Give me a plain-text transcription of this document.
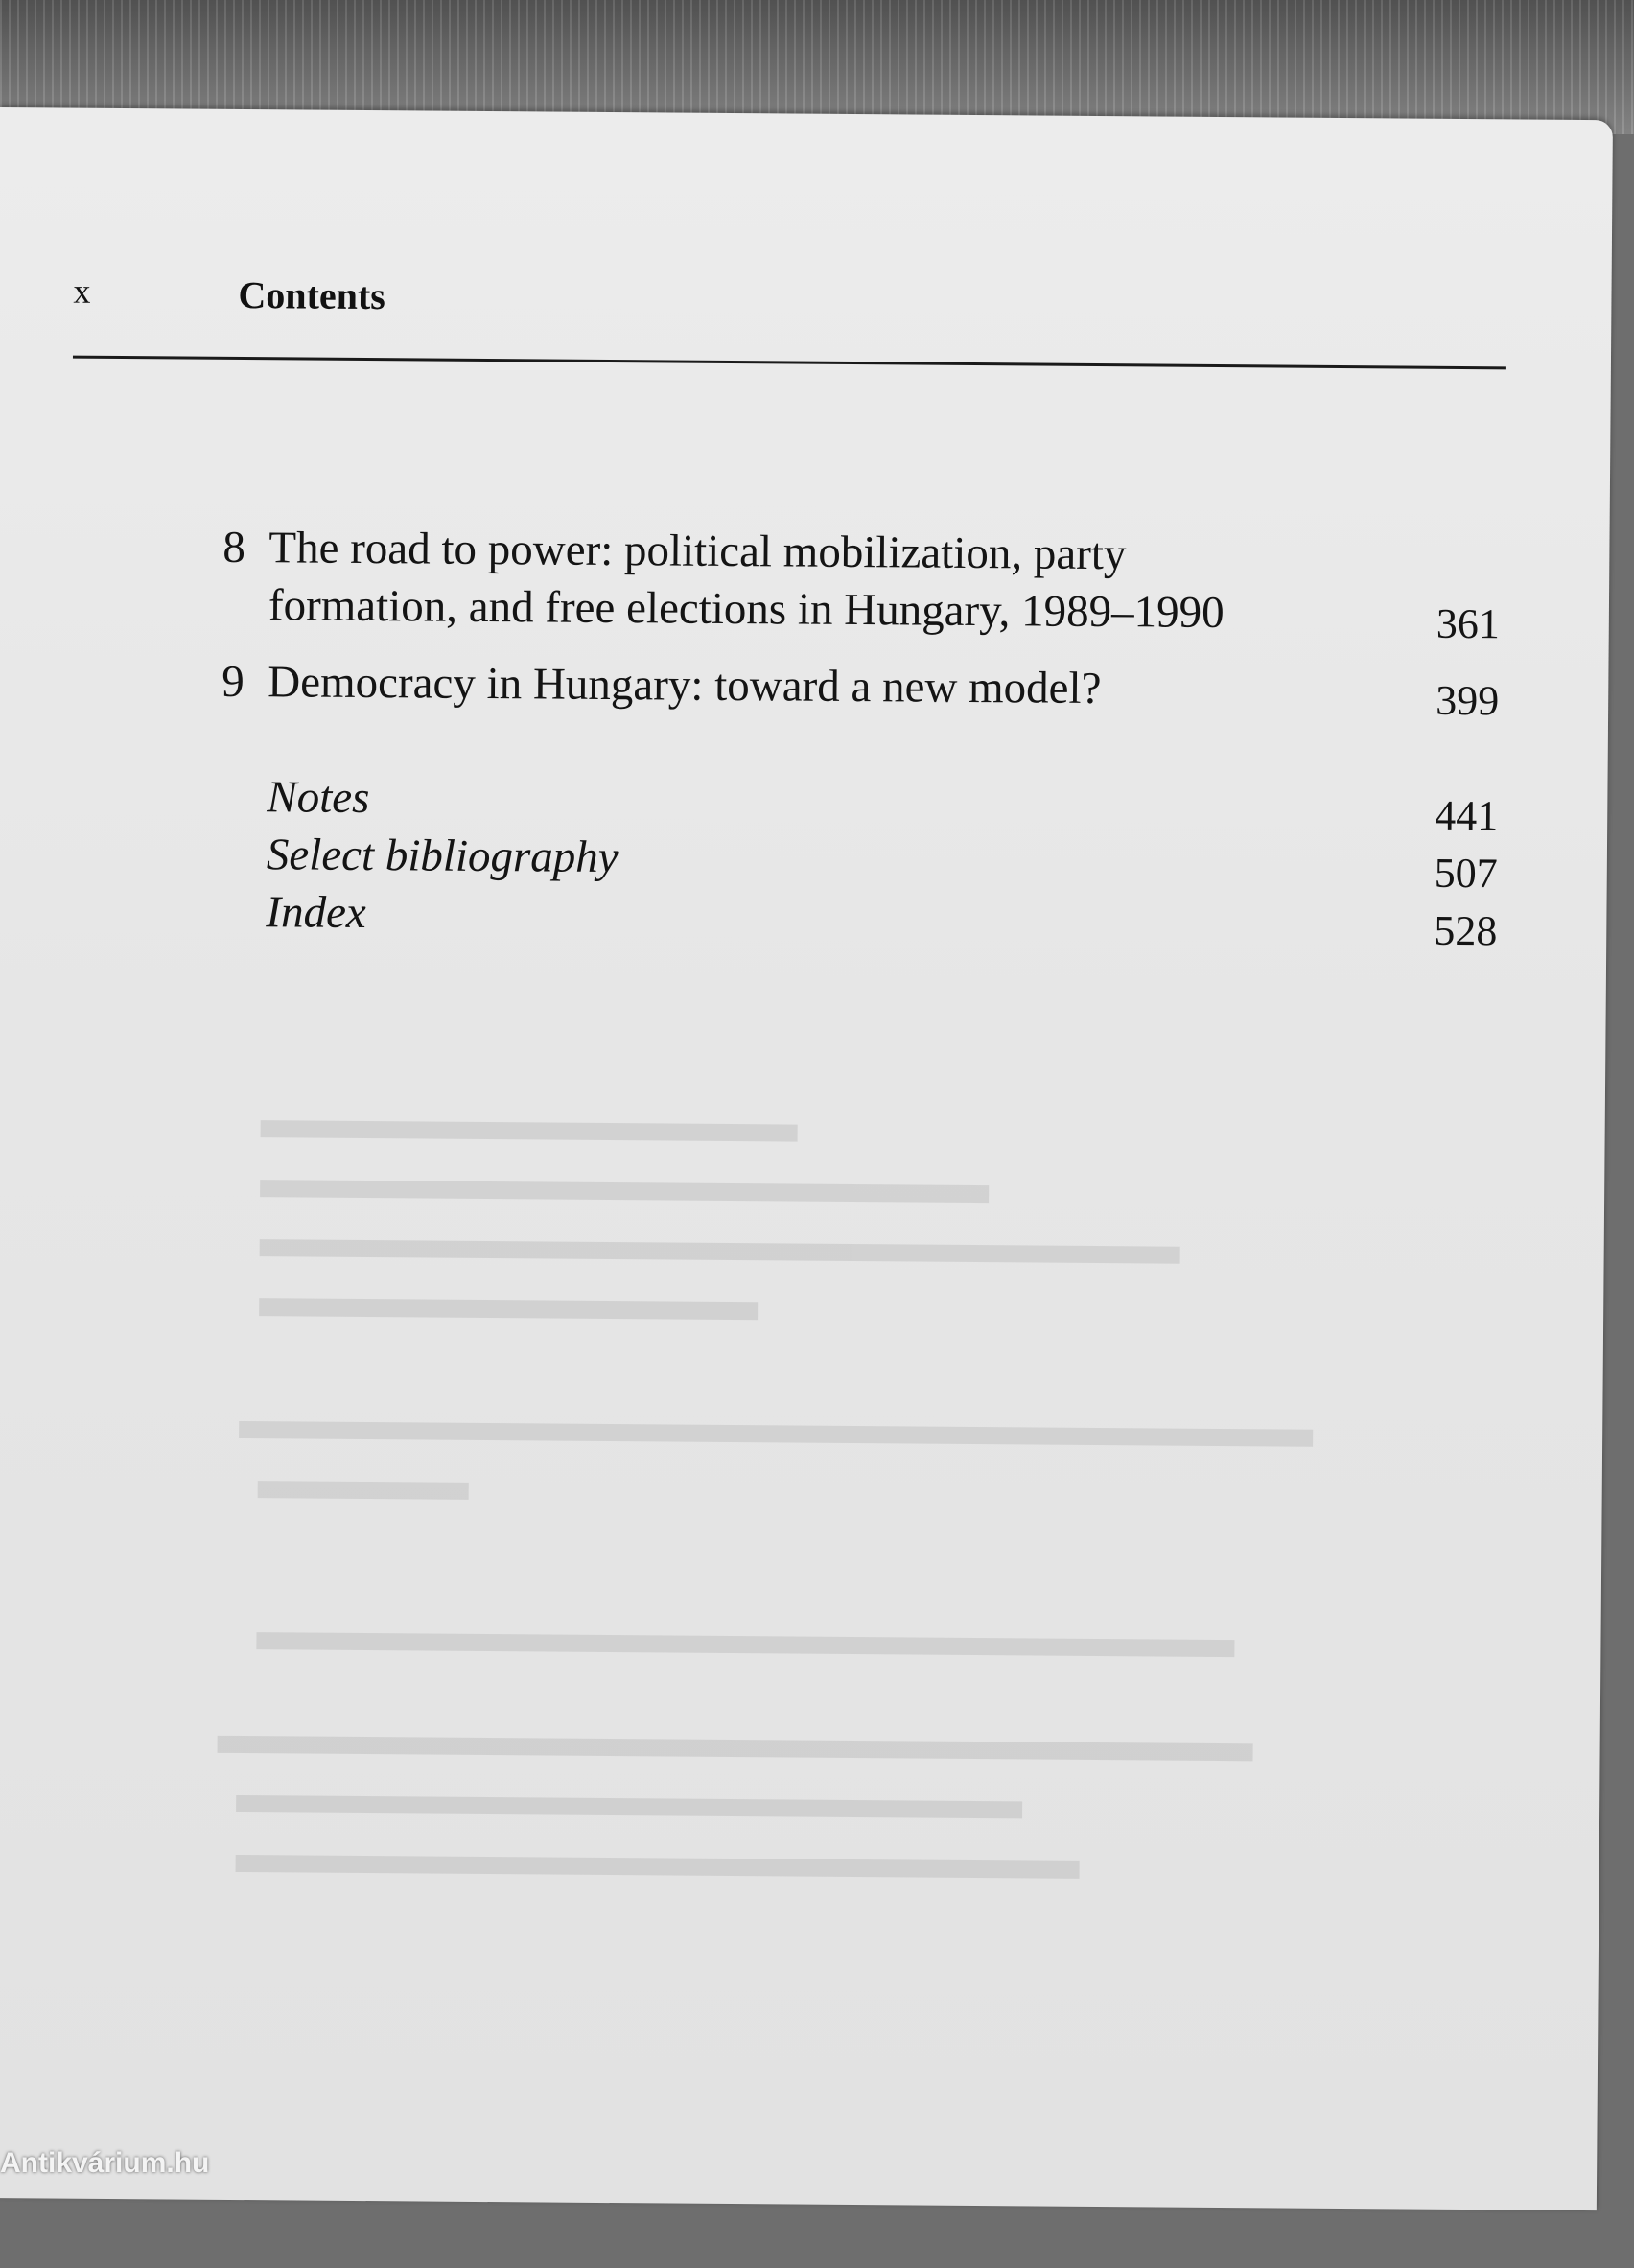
x	Contents
8 The road to power: political mobilization, party
formation, and free elections in Hungary, 1989–1990	361
9 Democracy in Hungary: toward a new model?	399
Notes	441
Select bibliography	507
Index	528
Antikvárium.hu
